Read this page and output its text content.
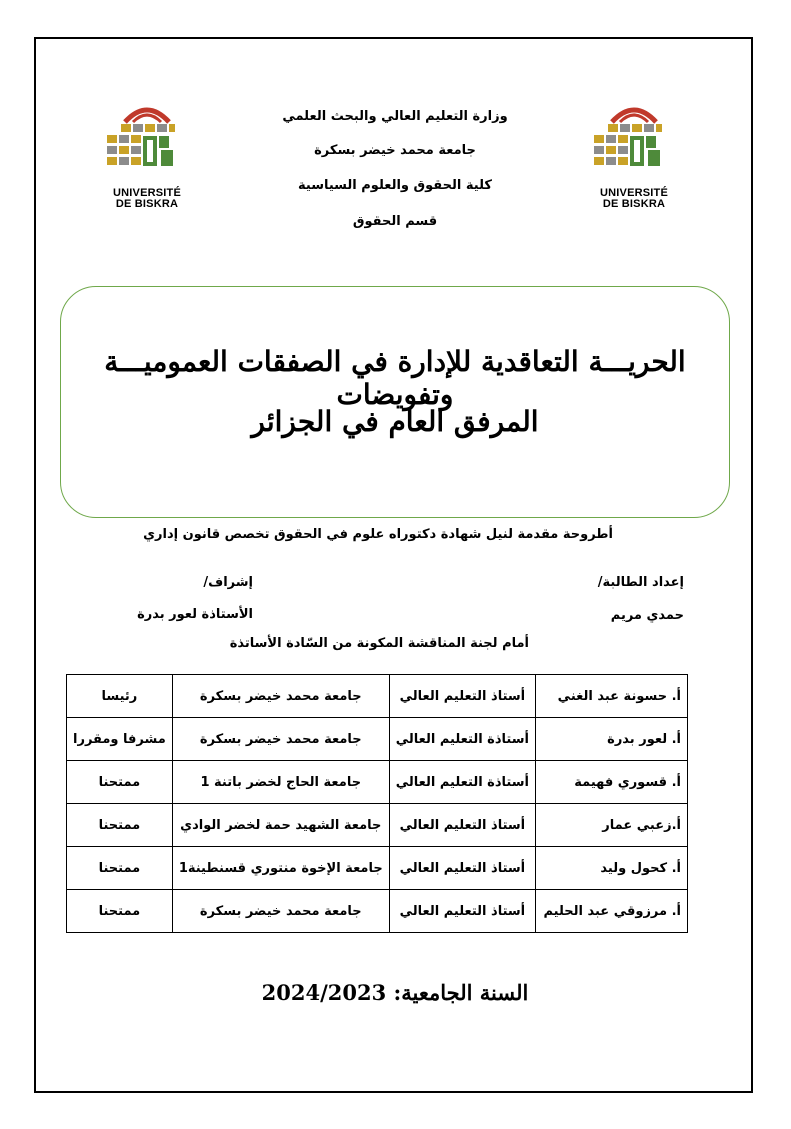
UNIVERSITÉ
DE BISKRA
UNIVERSITÉ
DE BISKRA
وزارة التعليم العالي والبحث العلمي
جامعة محمد خيضر بسكرة
كلية الحقوق والعلوم السياسية
قسم الحقوق
الحريـــة التعاقدية للإدارة في الصفقات العموميـــة وتفويضات
المرفق العام في الجزائر
أطروحة مقدمة لنيل شهادة دكتوراه علوم في الحقوق تخصص قانون إداري
إعداد الطالبة/
حمدي مريم
إشراف/
الأستاذة لعور بدرة
أمام لجنة المناقشة المكونة من السّادة الأساتذة
أ. حسونة عبد الغني	أستاذ التعليم العالي	جامعة محمد خيضر بسكرة	رئيسا
أ. لعور بدرة	أستاذة التعليم العالي	جامعة محمد خيضر بسكرة	مشرفا ومقررا
أ. قسوري فهيمة	أستاذة التعليم العالي	جامعة الحاج لخضر باتنة 1	ممتحنا
أ.زعبي عمار	أستاذ التعليم العالي	جامعة الشهيد حمة لخضر الوادي	ممتحنا
أ. كحول وليد	أستاذ التعليم العالي	جامعة الإخوة منتوري قسنطينة1	ممتحنا
أ. مرزوقي عبد الحليم	أستاذ التعليم العالي	جامعة محمد خيضر بسكرة	ممتحنا
السنة الجامعية: 2024/2023
